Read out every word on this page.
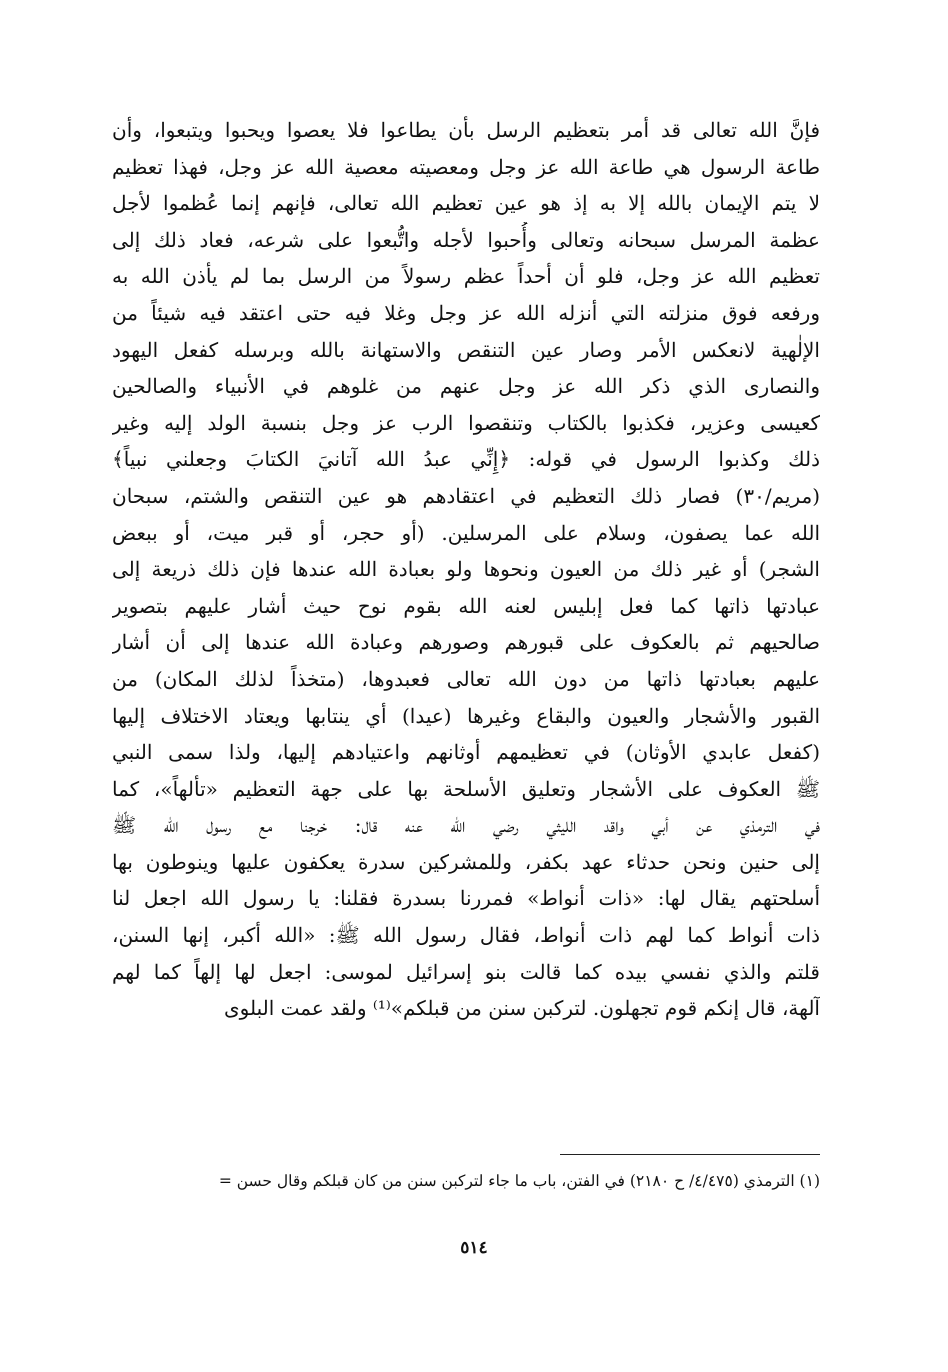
فإنَّ الله تعالى قد أمر بتعظيم الرسل بأن يطاعوا فلا يعصوا ويحبوا ويتبعوا، وأن
طاعة الرسول هي طاعة الله عز وجل ومعصيته معصية الله عز وجل، فهذا تعظيم
لا يتم الإيمان بالله إلا به إذ هو عين تعظيم الله تعالى، فإنهم إنما عُظموا لأجل
عظمة المرسل سبحانه وتعالى وأُحبوا لأجله واتُّبعوا على شرعه، فعاد ذلك إلى
تعظيم الله عز وجل، فلو أن أحداً عظم رسولاً من الرسل بما لم يأذن الله به
ورفعه فوق منزلته التي أنزله الله عز وجل وغلا فيه حتى اعتقد فيه شيئاً من
الإلٰهية لانعكس الأمر وصار عين التنقص والاستهانة بالله وبرسله كفعل اليهود
والنصارى الذي ذكر الله عز وجل عنهم من غلوهم في الأنبياء والصالحين
كعيسى وعزير، فكذبوا بالكتاب وتنقصوا الرب عز وجل بنسبة الولد إليه وغير
ذلك وكذبوا الرسول في قوله: ﴿إِنِّي عبدُ الله آتانيَ الكتابَ وجعلني نبياً﴾
(مريم/٣٠) فصار ذلك التعظيم في اعتقادهم هو عين التنقص والشتم، سبحان
الله عما يصفون، وسلام على المرسلين. (أو حجر، أو قبر ميت، أو ببعض
الشجر) أو غير ذلك من العيون ونحوها ولو بعبادة الله عندها فإن ذلك ذريعة إلى
عبادتها ذاتها كما فعل إبليس لعنه الله بقوم نوح حيث أشار عليهم بتصوير
صالحيهم ثم بالعكوف على قبورهم وصورهم وعبادة الله عندها إلى أن أشار
عليهم بعبادتها ذاتها من دون الله تعالى فعبدوها، (متخذاً لذلك المكان) من
القبور والأشجار والعيون والبقاع وغيرها (عيدا) أي ينتابها ويعتاد الاختلاف إليها
(كفعل عابدي الأوثان) في تعظيمهم أوثانهم واعتيادهم إليها، ولذا سمى النبي
ﷺ العكوف على الأشجار وتعليق الأسلحة بها على جهة التعظيم «تألهاً»، كما
في الترمذي عن أبي واقد الليثي رضي الله عنه قال: خرجنا مع رسول الله ﷺ
إلى حنين ونحن حدثاء عهد بكفر، وللمشركين سدرة يعكفون عليها وينوطون بها
أسلحتهم يقال لها: «ذات أنواط» فمررنا بسدرة فقلنا: يا رسول الله اجعل لنا
ذات أنواط كما لهم ذات أنواط، فقال رسول الله ﷺ: «الله أكبر، إنها السنن،
قلتم والذي نفسي بيده كما قالت بنو إسرائيل لموسى: اجعل لها إلهاً كما لهم
آلهة، قال إنكم قوم تجهلون. لتركبن سنن من قبلكم»⁽¹⁾ ولقد عمت البلوى
(١) الترمذي (٤/٤٧٥/ ح ٢١٨٠) في الفتن، باب ما جاء لتركبن سنن من كان قبلكم وقال حسن =
٥١٤
